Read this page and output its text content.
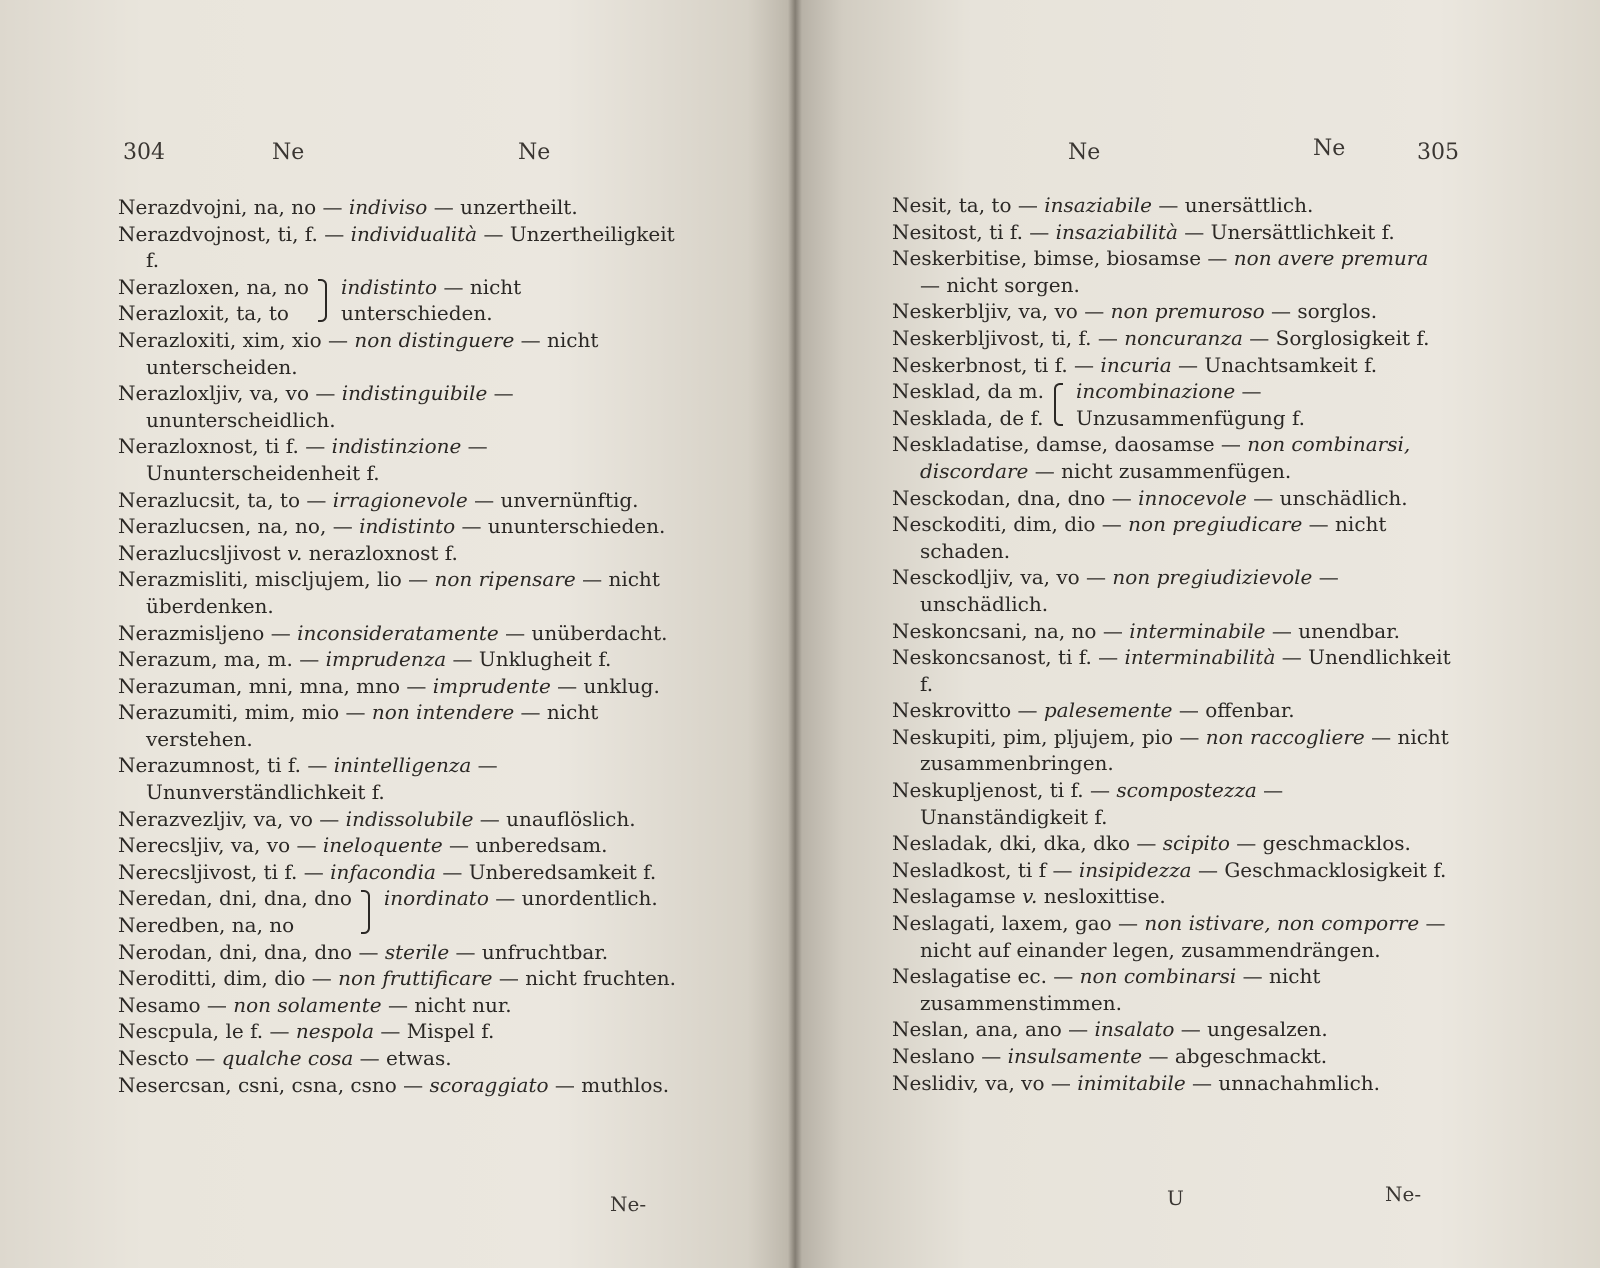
304	Ne	Ne
Nerazdvojni, na, no — indiviso — unzertheilt.
Nerazdvojnost, ti, f. — individualità — Unzertheiligkeit f.
Nerazloxen, na, no
Nerazloxit, ta, to
indistinto — nicht unterschieden.
Nerazloxiti, xim, xio — non distinguere — nicht unterscheiden.
Nerazloxljiv, va, vo — indistinguibile — ununterscheidlich.
Nerazloxnost, ti f. — indistinzione — Ununterscheidenheit f.
Nerazlucsit, ta, to — irragionevole — unvernünftig.
Nerazlucsen, na, no, — indistinto — ununterschieden.
Nerazlucsljivost v. nerazloxnost f.
Nerazmisliti, miscljujem, lio — non ripensare — nicht überdenken.
Nerazmisljeno — inconsideratamente — unüberdacht.
Nerazum, ma, m. — imprudenza — Unklugheit f.
Nerazuman, mni, mna, mno — imprudente — unklug.
Nerazumiti, mim, mio — non intendere — nicht verstehen.
Nerazumnost, ti f. — inintelligenza — Ununverständlichkeit f.
Nerazvezljiv, va, vo — indissolubile — unauflöslich.
Nerecsljiv, va, vo — ineloquente — unberedsam.
Nerecsljivost, ti f. — infacondia — Unberedsamkeit f.
Neredan, dni, dna, dno
Neredben, na, no
inordinato — unordentlich.
Nerodan, dni, dna, dno — sterile — unfruchtbar.
Neroditti, dim, dio — non fruttificare — nicht fruchten.
Nesamo — non solamente — nicht nur.
Nescpula, le f. — nespola — Mispel f.
Nescto — qualche cosa — etwas.
Nesercsan, csni, csna, csno — scoraggiato — muthlos.
Ne-
Ne	Ne	305
Nesit, ta, to — insaziabile — unersättlich.
Nesitost, ti f. — insaziabilità — Unersättlichkeit f.
Neskerbitise, bimse, biosamse — non avere premura — nicht sorgen.
Neskerbljiv, va, vo — non premuroso — sorglos.
Neskerbljivost, ti, f. — noncuranza — Sorglosigkeit f.
Neskerbnost, ti f. — incuria — Unachtsamkeit f.
Nesklad, da m.
Neskladа, de f.
incombinazione — Unzusammenfügung f.
Neskladatise, damse, daosamse — non combinarsi, discordare — nicht zusammenfügen.
Nesckodan, dna, dno — innocevole — unschädlich.
Nesckoditi, dim, dio — non pregiudicare — nicht schaden.
Nesckodljiv, va, vo — non pregiudizievole — unschädlich.
Neskoncsani, na, no — interminabile — unendbar.
Neskoncsanost, ti f. — interminabilità — Unendlichkeit f.
Neskrovitto — palesemente — offenbar.
Neskupiti, pim, pljujem, pio — non raccogliere — nicht zusammenbringen.
Neskupljenost, ti f. — scompostezza — Unanständigkeit f.
Nesladak, dki, dka, dko — scipito — geschmacklos.
Nesladkost, ti f — insipidezza — Geschmacklosigkeit f.
Neslagamse v. nesloxittise.
Neslagati, laxem, gao — non istivare, non comporre — nicht auf einander legen, zusammendrängen.
Neslagatise ec. — non combinarsi — nicht zusammenstimmen.
Neslan, ana, ano — insalato — ungesalzen.
Neslano — insulsamente — abgeschmackt.
Neslidiv, va, vo — inimitabile — unnachahmlich.
U	Ne-
